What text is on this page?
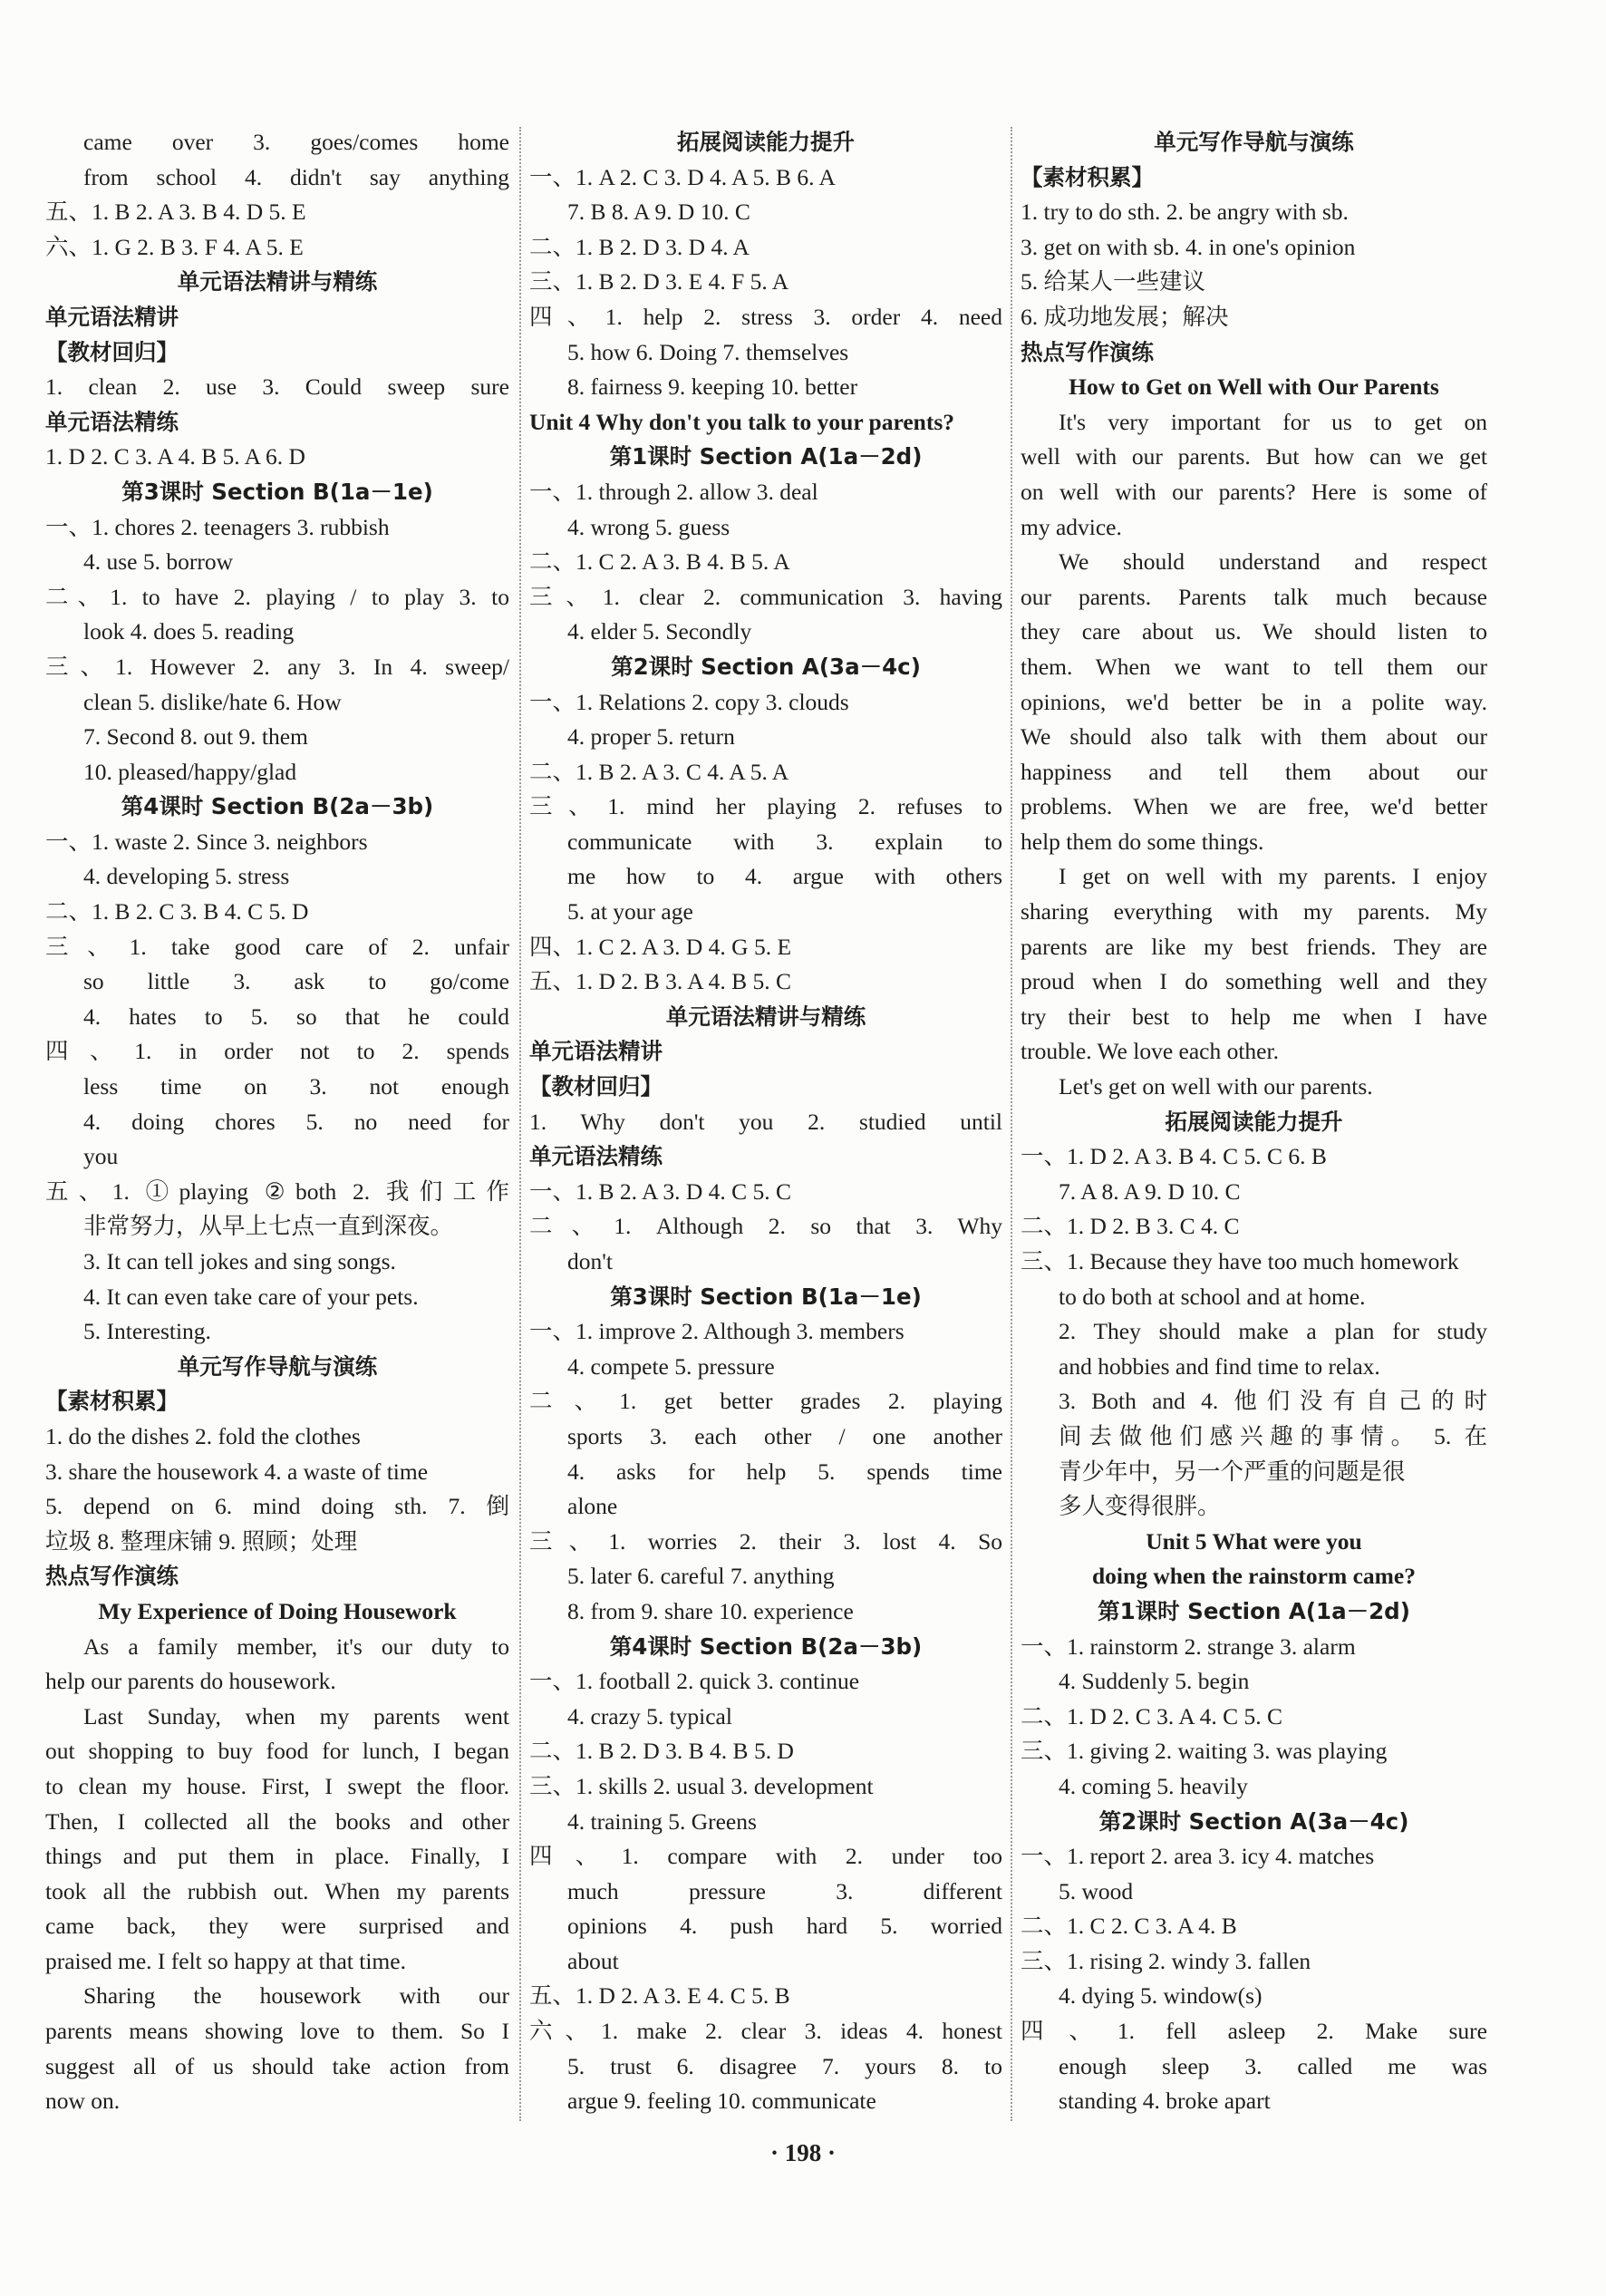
came over 3. goes/comes home
from school 4. didn't say anything
五、1. B 2. A 3. B 4. D 5. E
六、1. G 2. B 3. F 4. A 5. E
单元语法精讲与精练
单元语法精讲
【教材回归】
1. clean 2. use 3. Could sweep sure
单元语法精练
1. D 2. C 3. A 4. B 5. A 6. D
第3课时 Section B(1a－1e)
一、1. chores 2. teenagers 3. rubbish
4. use 5. borrow
二、1. to have 2. playing / to play 3. to
look 4. does 5. reading
三、1. However 2. any 3. In 4. sweep/
clean 5. dislike/hate 6. How
7. Second 8. out 9. them
10. pleased/happy/glad
第4课时 Section B(2a－3b)
一、1. waste 2. Since 3. neighbors
4. developing 5. stress
二、1. B 2. C 3. B 4. C 5. D
三、1. take good care of 2. unfair
so little 3. ask to go/come
4. hates to 5. so that he could
四、1. in order not to 2. spends
less time on 3. not enough
4. doing chores 5. no need for
you
五、1. ①playing ②both 2. 我们工作
非常努力，从早上七点一直到深夜。
3. It can tell jokes and sing songs.
4. It can even take care of your pets.
5. Interesting.
单元写作导航与演练
【素材积累】
1. do the dishes 2. fold the clothes
3. share the housework 4. a waste of time
5. depend on 6. mind doing sth. 7. 倒
垃圾 8. 整理床铺 9. 照顾；处理
热点写作演练
My Experience of Doing Housework
As a family member, it's our duty to
help our parents do housework.
Last Sunday, when my parents went
out shopping to buy food for lunch, I began
to clean my house. First, I swept the floor.
Then, I collected all the books and other
things and put them in place. Finally, I
took all the rubbish out. When my parents
came back, they were surprised and
praised me. I felt so happy at that time.
Sharing the housework with our
parents means showing love to them. So I
suggest all of us should take action from
now on.
拓展阅读能力提升
一、1. A 2. C 3. D 4. A 5. B 6. A
7. B 8. A 9. D 10. C
二、1. B 2. D 3. D 4. A
三、1. B 2. D 3. E 4. F 5. A
四、1. help 2. stress 3. order 4. need
5. how 6. Doing 7. themselves
8. fairness 9. keeping 10. better
Unit 4 Why don't you talk to your parents?
第1课时 Section A(1a－2d)
一、1. through 2. allow 3. deal
4. wrong 5. guess
二、1. C 2. A 3. B 4. B 5. A
三、1. clear 2. communication 3. having
4. elder 5. Secondly
第2课时 Section A(3a－4c)
一、1. Relations 2. copy 3. clouds
4. proper 5. return
二、1. B 2. A 3. C 4. A 5. A
三、1. mind her playing 2. refuses to
communicate with 3. explain to
me how to 4. argue with others
5. at your age
四、1. C 2. A 3. D 4. G 5. E
五、1. D 2. B 3. A 4. B 5. C
单元语法精讲与精练
单元语法精讲
【教材回归】
1. Why don't you 2. studied until
单元语法精练
一、1. B 2. A 3. D 4. C 5. C
二、1. Although 2. so that 3. Why
don't
第3课时 Section B(1a－1e)
一、1. improve 2. Although 3. members
4. compete 5. pressure
二、1. get better grades 2. playing
sports 3. each other / one another
4. asks for help 5. spends time
alone
三、1. worries 2. their 3. lost 4. So
5. later 6. careful 7. anything
8. from 9. share 10. experience
第4课时 Section B(2a－3b)
一、1. football 2. quick 3. continue
4. crazy 5. typical
二、1. B 2. D 3. B 4. B 5. D
三、1. skills 2. usual 3. development
4. training 5. Greens
四、1. compare with 2. under too
much pressure 3. different
opinions 4. push hard 5. worried
about
五、1. D 2. A 3. E 4. C 5. B
六、1. make 2. clear 3. ideas 4. honest
5. trust 6. disagree 7. yours 8. to
argue 9. feeling 10. communicate
单元写作导航与演练
【素材积累】
1. try to do sth. 2. be angry with sb.
3. get on with sb. 4. in one's opinion
5. 给某人一些建议
6. 成功地发展；解决
热点写作演练
How to Get on Well with Our Parents
It's very important for us to get on
well with our parents. But how can we get
on well with our parents? Here is some of
my advice.
We should understand and respect
our parents. Parents talk much because
they care about us. We should listen to
them. When we want to tell them our
opinions, we'd better be in a polite way.
We should also talk with them about our
happiness and tell them about our
problems. When we are free, we'd better
help them do some things.
I get on well with my parents. I enjoy
sharing everything with my parents. My
parents are like my best friends. They are
proud when I do something well and they
try their best to help me when I have
trouble. We love each other.
Let's get on well with our parents.
拓展阅读能力提升
一、1. D 2. A 3. B 4. C 5. C 6. B
7. A 8. A 9. D 10. C
二、1. D 2. B 3. C 4. C
三、1. Because they have too much homework
to do both at school and at home.
2. They should make a plan for study
and hobbies and find time to relax.
3. Both and 4. 他们没有自己的时
间去做他们感兴趣的事情。 5. 在
青少年中，另一个严重的问题是很
多人变得很胖。
Unit 5 What were you
doing when the rainstorm came?
第1课时 Section A(1a－2d)
一、1. rainstorm 2. strange 3. alarm
4. Suddenly 5. begin
二、1. D 2. C 3. A 4. C 5. C
三、1. giving 2. waiting 3. was playing
4. coming 5. heavily
第2课时 Section A(3a－4c)
一、1. report 2. area 3. icy 4. matches
5. wood
二、1. C 2. C 3. A 4. B
三、1. rising 2. windy 3. fallen
4. dying 5. window(s)
四、1. fell asleep 2. Make sure
enough sleep 3. called me was
standing 4. broke apart
· 198 ·
